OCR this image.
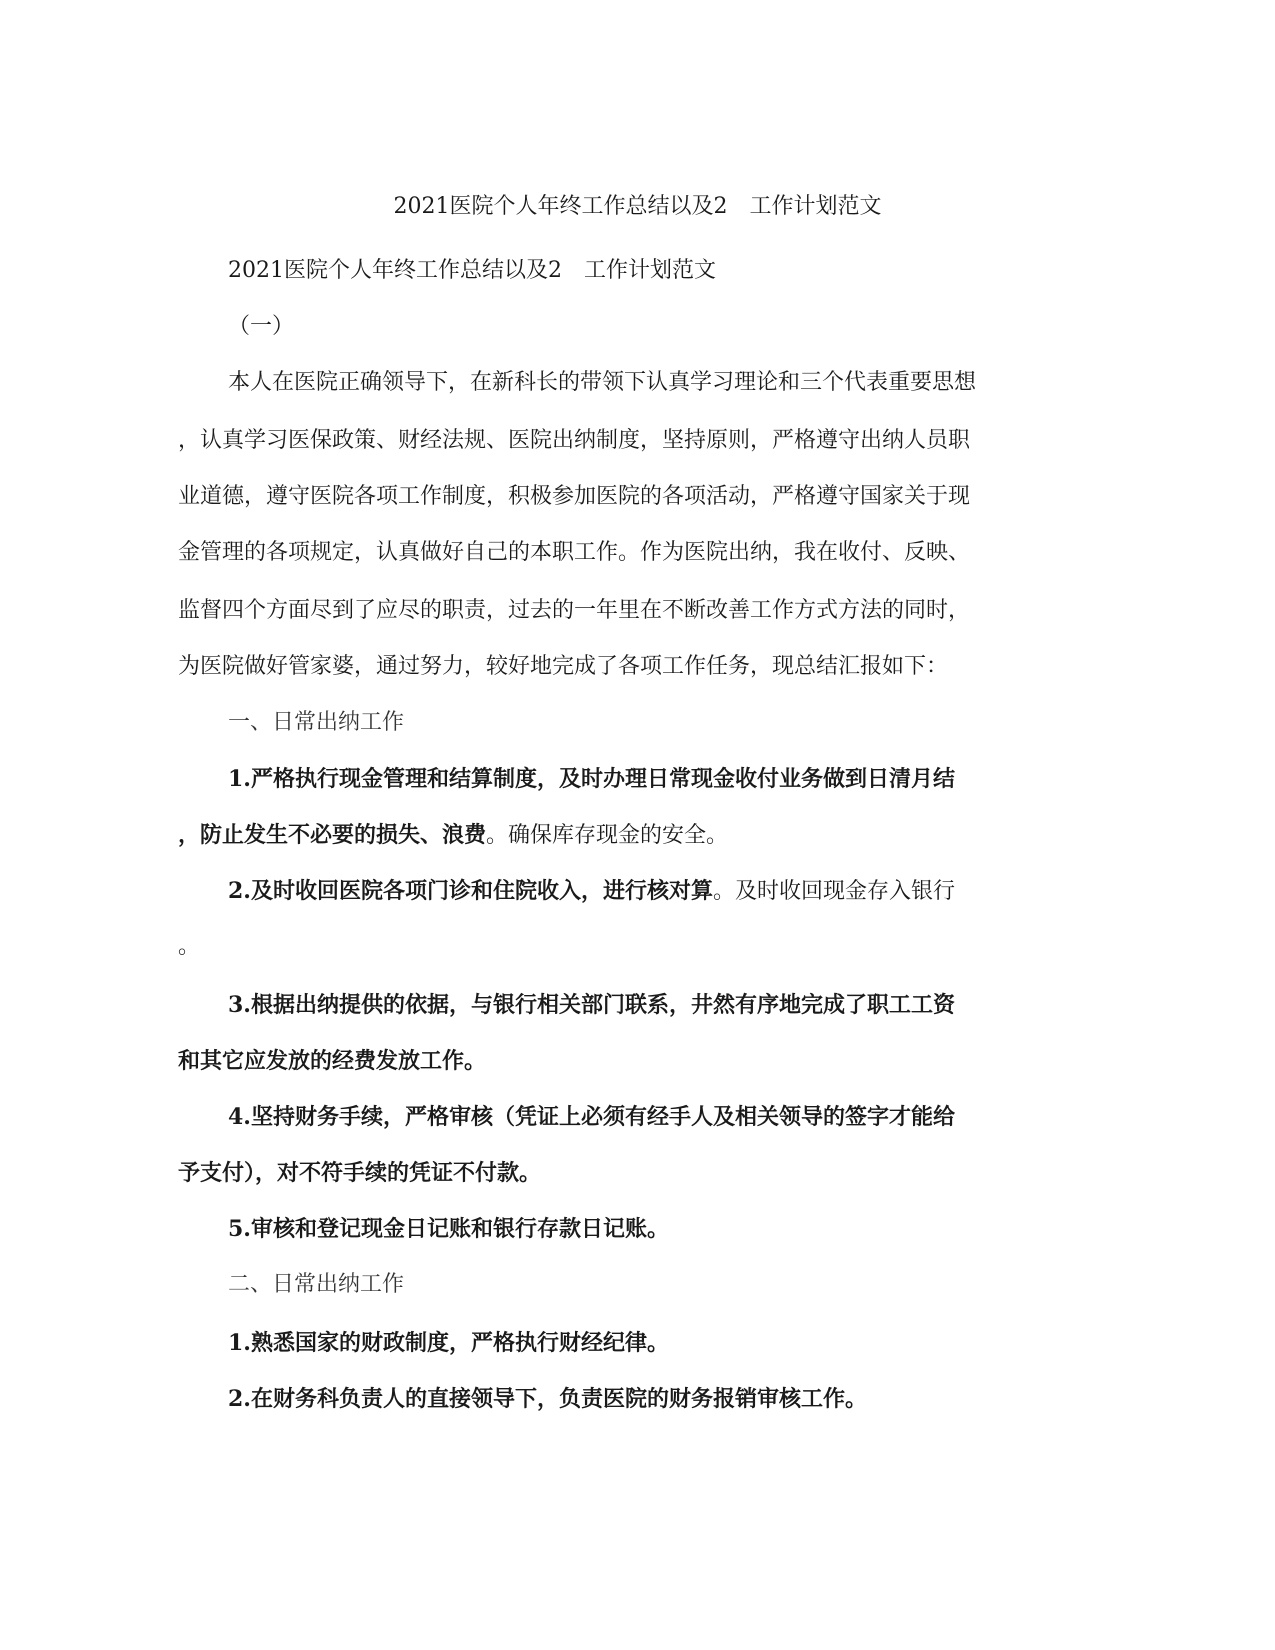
2021医院个人年终工作总结以及2　工作计划范文
2021医院个人年终工作总结以及2　工作计划范文
（一）
本人在医院正确领导下，在新科长的带领下认真学习理论和三个代表重要思想
，认真学习医保政策、财经法规、医院出纳制度，坚持原则，严格遵守出纳人员职
业道德，遵守医院各项工作制度，积极参加医院的各项活动，严格遵守国家关于现
金管理的各项规定，认真做好自己的本职工作。作为医院出纳，我在收付、反映、
监督四个方面尽到了应尽的职责，过去的一年里在不断改善工作方式方法的同时，
为医院做好管家婆，通过努力，较好地完成了各项工作任务，现总结汇报如下：
一、日常出纳工作
1.严格执行现金管理和结算制度，及时办理日常现金收付业务做到日清月结
，防止发生不必要的损失、浪费。确保库存现金的安全。
2.及时收回医院各项门诊和住院收入，进行核对算。及时收回现金存入银行
。
3.根据出纳提供的依据，与银行相关部门联系，井然有序地完成了职工工资
和其它应发放的经费发放工作。
4.坚持财务手续，严格审核（凭证上必须有经手人及相关领导的签字才能给
予支付），对不符手续的凭证不付款。
5.审核和登记现金日记账和银行存款日记账。
二、日常出纳工作
1.熟悉国家的财政制度，严格执行财经纪律。
2.在财务科负责人的直接领导下，负责医院的财务报销审核工作。
